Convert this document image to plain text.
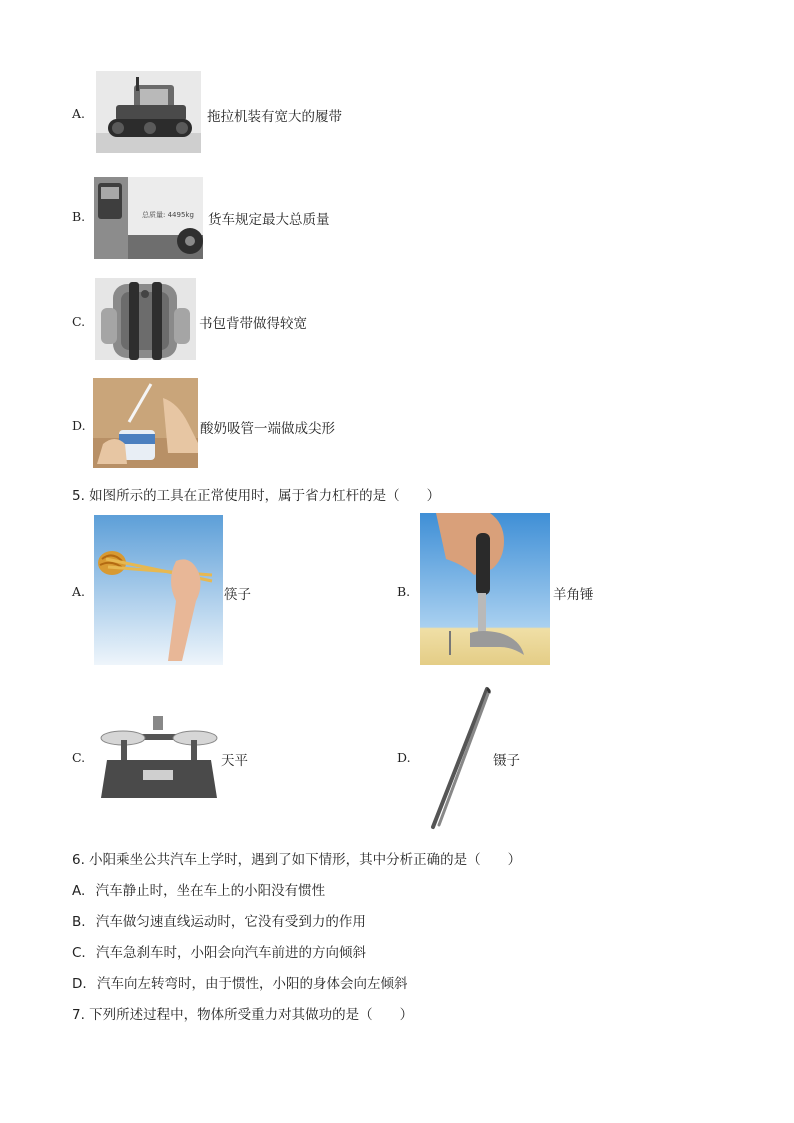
A.	拖拉机装有宽大的履带
B.	总质量: 4495kg 货车规定最大总质量
C.	书包背带做得较宽
D.	酸奶吸管一端做成尖形
5. 如图所示的工具在正常使用时，属于省力杠杆的是（　　）
A.	筷子	B.	羊角锤
C.	天平	D.	镊子
6. 小阳乘坐公共汽车上学时，遇到了如下情形，其中分析正确的是（　　）
A. 汽车静止时，坐在车上的小阳没有惯性
B. 汽车做匀速直线运动时，它没有受到力的作用
C. 汽车急刹车时，小阳会向汽车前进的方向倾斜
D. 汽车向左转弯时，由于惯性，小阳的身体会向左倾斜
7. 下列所述过程中，物体所受重力对其做功的是（　　）
